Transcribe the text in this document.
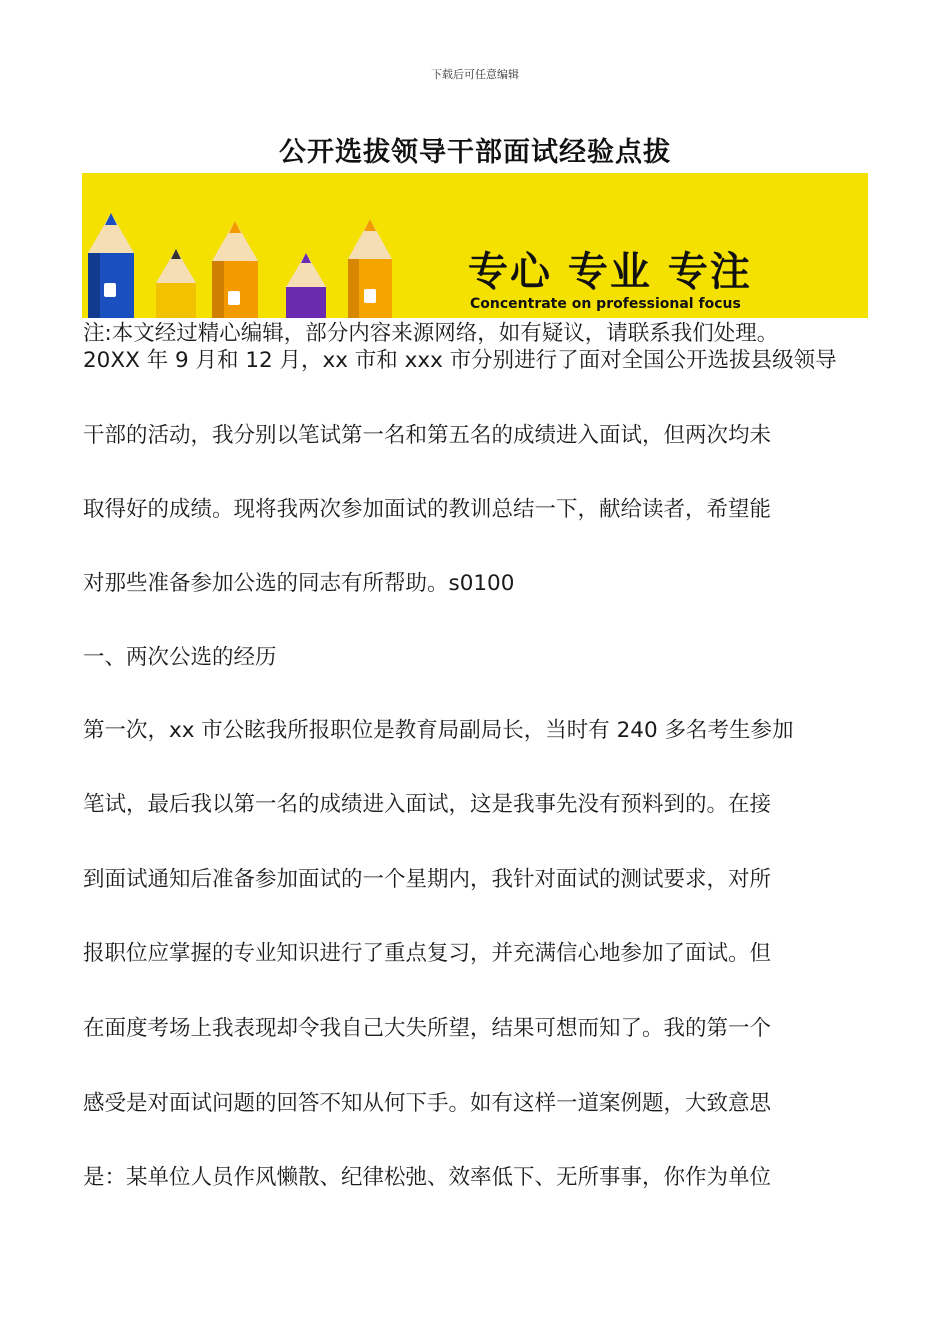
下载后可任意编辑
公开选拔领导干部面试经验点拔
专心 专业 专注
Concentrate on professional focus
注:本文经过精心编辑，部分内容来源网络，如有疑议，请联系我们处理。
20XX 年 9 月和 12 月，xx 市和 xxx 市分别进行了面对全国公开选拔县级领导
干部的活动，我分别以笔试第一名和第五名的成绩进入面试，但两次均未
取得好的成绩。现将我两次参加面试的教训总结一下，献给读者，希望能
对那些准备参加公选的同志有所帮助。s0100
一、两次公选的经历
第一次，xx 市公眩我所报职位是教育局副局长，当时有 240 多名考生参加
笔试，最后我以第一名的成绩进入面试，这是我事先没有预料到的。在接
到面试通知后准备参加面试的一个星期内，我针对面试的测试要求，对所
报职位应掌握的专业知识进行了重点复习，并充满信心地参加了面试。但
在面度考场上我表现却令我自己大失所望，结果可想而知了。我的第一个
感受是对面试问题的回答不知从何下手。如有这样一道案例题，大致意思
是：某单位人员作风懒散、纪律松弛、效率低下、无所事事，你作为单位
